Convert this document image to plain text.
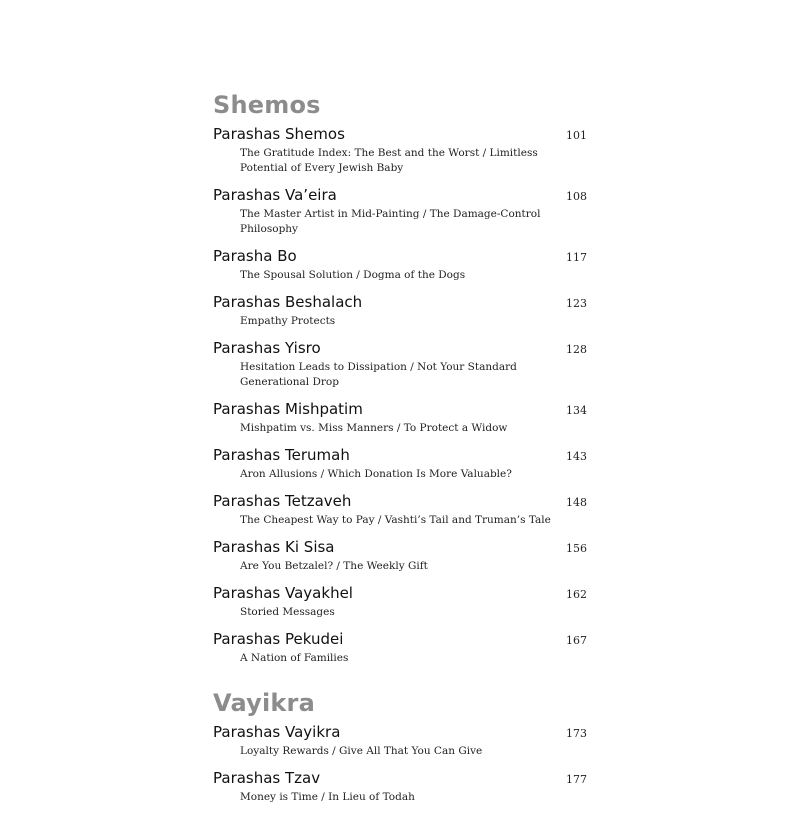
Shemos
Parashas Shemos	101
The Gratitude Index: The Best and the Worst / Limitless Potential of Every Jewish Baby
Parashas Va’eira	108
The Master Artist in Mid-Painting / The Damage-Control Philosophy
Parasha Bo	117
The Spousal Solution / Dogma of the Dogs
Parashas Beshalach	123
Empathy Protects
Parashas Yisro	128
Hesitation Leads to Dissipation / Not Your Standard Generational Drop
Parashas Mishpatim	134
Mishpatim vs. Miss Manners / To Protect a Widow
Parashas Terumah	143
Aron Allusions / Which Donation Is More Valuable?
Parashas Tetzaveh	148
The Cheapest Way to Pay / Vashti’s Tail and Truman’s Tale
Parashas Ki Sisa	156
Are You Betzalel? / The Weekly Gift
Parashas Vayakhel	162
Storied Messages
Parashas Pekudei	167
A Nation of Families
Vayikra
Parashas Vayikra	173
Loyalty Rewards / Give All That You Can Give
Parashas Tzav	177
Money is Time / In Lieu of Todah
